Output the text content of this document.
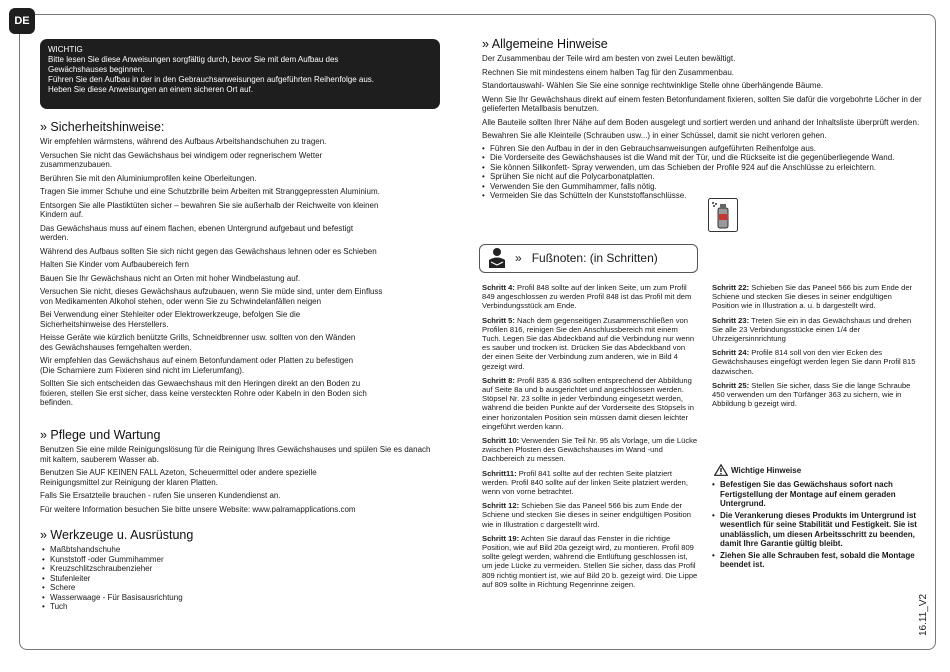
DE
16.11_V2
WICHTIG
Bitte lesen Sie diese Anweisungen sorgfältig durch, bevor Sie mit dem Aufbau des
Gewächshauses beginnen.
Führen Sie den Aufbau in der in den Gebrauchsanweisungen aufgeführten Reihenfolge aus.
Heben Sie diese Anweisungen an einem sicheren Ort auf.
» Sicherheitshinweise:

Wir empfehlen wärmstens, während des Aufbaus Arbeitshandschuhen zu tragen.

Versuchen Sie nicht das Gewächshaus bei windigem oder regnerischem Wetter zusammenzubauen.

Berühren Sie mit den Aluminiumprofilen keine Oberleitungen.

Tragen Sie immer Schuhe und eine Schutzbrille beim Arbeiten mit Stranggepressten Aluminium.

Entsorgen Sie alle Plastiktüten sicher – bewahren Sie sie außerhalb der Reichweite von kleinen Kindern auf.

Das Gewächshaus muss auf einem flachen, ebenen Untergrund aufgebaut und befestigt werden.

Während des Aufbaus sollten Sie sich nicht gegen das Gewächshaus lehnen oder es Schieben

Halten Sie Kinder vom Aufbaubereich fern

Bauen Sie Ihr Gewächshaus nicht an Orten mit hoher Windbelastung auf.

Versuchen Sie nicht, dieses Gewächshaus aufzubauen, wenn Sie müde sind, unter dem Einfluss von Medikamenten Alkohol stehen, oder wenn Sie zu Schwindelanfällen neigen

Bei Verwendung einer Stehleiter oder Elektrowerkzeuge, befolgen Sie die Sicherheitshinweise des Herstellers.

Heisse Geräte wie kürzlich benützte Grills, Schneidbrenner usw. sollten von den Wänden des Gewächshauses ferngehalten werden.

Wir empfehlen das Gewächshaus auf einem Betonfundament oder Platten zu befestigen

(Die Scharniere zum Fixieren sind nicht im Lieferumfang).

Sollten Sie sich entscheiden das Gewaechshaus mit den Heringen direkt an den Boden zu fixieren, stellen Sie erst sicher, dass keine versteckten Rohre oder Kabeln in den Boden sich befinden.

» Pflege und Wartung

Benutzen Sie eine milde Reinigungslösung für die Reinigung Ihres Gewächshauses und spülen Sie es danach mit kaltem, sauberem Wasser ab.

Benutzen Sie AUF KEINEN FALL Azeton, Scheuermittel oder andere spezielle Reinigungsmittel zur Reinigung der klaren Platten.

Falls Sie Ersatzteile brauchen - rufen Sie unseren Kundendienst an.

Für weitere Information besuchen Sie bitte unsere Website: www.palramapplications.com

» Werkzeuge u. Ausrüstung
• Maßbtshandschuhe
• Kunststoff -oder Gummihammer
• Kreuzschlitzschraubenzieher
• Stufenleiter
• Schere
• Wasserwaage - Für Basisausrichtung
• Tuch
» Allgemeine Hinweise

Der Zusammenbau der Teile wird am besten von zwei Leuten bewältigt.

Rechnen Sie mit mindestens einem halben Tag für den Zusammenbau.

Standortauswahl- Wählen Sie Sie eine sonnige rechtwinklige Stelle ohne überhängende Bäume.

Wenn Sie Ihr Gewächshaus direkt auf einem festen Betonfundament fixieren, sollten Sie dafür die vorgebohrte Löcher in der gelieferten Metallbasis benutzen.

Alle Bauteile sollten Ihrer Nähe auf dem Boden ausgelegt und sortiert werden und anhand der Inhaltsliste überprüft werden.

Bewahren Sie alle Kleinteile (Schrauben usw...) in einer Schüssel, damit sie nicht verloren gehen.

• Führen Sie den Aufbau in der in den Gebrauchsanweisungen aufgeführten Reihenfolge aus.
• Die Vorderseite des Gewächshauses ist die Wand mit der Tür, und die Rückseite ist die gegenüberliegende Wand.
• Sie können Silikonfett- Spray verwenden, um das Schieben der Profile 924 auf die Anschlüsse zu erleichtern.
• Sprühen Sie nicht auf die Polycarbonatplatten.
• Verwenden Sie den Gummihammer, falls nötig.
• Vermeiden Sie das Schütteln der Kunststoffanschlüsse.
» Fußnoten: (in Schritten)

Schritt 4: Profil 848 sollte auf der linken Seite, um zum Profil 849 angeschlossen zu werden Profil 848 ist das Profil mit dem Verbindungsstück am Ende.

Schritt 5: Nach dem gegenseitigen Zusammenschließen von Profilen 816, reinigen Sie den Anschlussbereich mit einem Tuch. Legen Sie das Abdeckband auf die Verbindung nur wenn es sauber und trocken ist. Drücken Sie das Abdeckband von der einen Seite der Verbindung zum anderen, wie in Bild 4 gezeigt wird.

Schritt 8: Profil 835 & 836 sollten entsprechend der Abbildung auf Seite 8a und b ausgerichtet und angeschlossen werden. Stöpsel Nr. 23 sollte in jeder Verbindung eingesetzt werden, während die beiden Punkte auf der Vorderseite des Stöpsels in einer horizontalen Position sein müssen damit diesen leichter eingeführt werden kann.

Schritt 10: Verwenden Sie Teil Nr. 95 als Vorlage, um die Lücke zwischen Pfosten des Gewächshauses im Wand -und Dachbereich zu messen.

Schritt11: Profil 841 sollte auf der rechten Seite platziert werden. Profil 840 sollte auf der linken Seite platziert werden, wenn von vorne betrachtet.

Schritt 12: Schieben Sie das Paneel 566 bis zum Ende der Schiene und stecken Sie dieses in seiner endgültigen Position wie in Illustration c dargestellt wird.

Schritt 19: Achten Sie darauf das Fenster in die richtige Position, wie auf Bild 20a gezeigt wird, zu montieren. Profil 809 sollte gelegt werden, während die Entlüftung geschlossen ist, um jede Lücke zu vermeiden. Stellen Sie sicher, dass das Profil 809 richtig montiert ist, wie auf Bild 20 b. gezeigt wird. Die Lippe auf 809 sollte in Richtung Regenrinne zeigen.

Schritt 22: Schieben Sie das Paneel 566 bis zum Ende der Schiene und stecken Sie dieses in seiner endgültigen Position wie in Illustration a. u. b dargestellt wird.

Schritt 23: Treten Sie ein in das Gewächshaus und drehen Sie alle 23 Verbindungsstücke einen 1/4 der Uhrzeigersinnrichtung

Schritt 24: Profile 814 soll von den vier Ecken des Gewächshauses eingefügt werden legen Sie dann Profil 815 dazwischen.

Schritt 25: Stellen Sie sicher, dass Sie die lange Schraube 450 verwenden um den Türfänger 363 zu sichern, wie in Abbildung b gezeigt wird.

Wichtige Hinweise
• Befestigen Sie das Gewächshaus sofort nach Fertigstellung der Montage auf einem geraden Untergrund.
• Die Verankerung dieses Produkts im Untergrund ist wesentlich für seine Stabilität und Festigkeit. Sie ist unablässlich, um diesen Arbeitsschritt zu beenden, damit Ihre Garantie gültig bleibt.
• Ziehen Sie alle Schrauben fest, sobald die Montage beendet ist.
